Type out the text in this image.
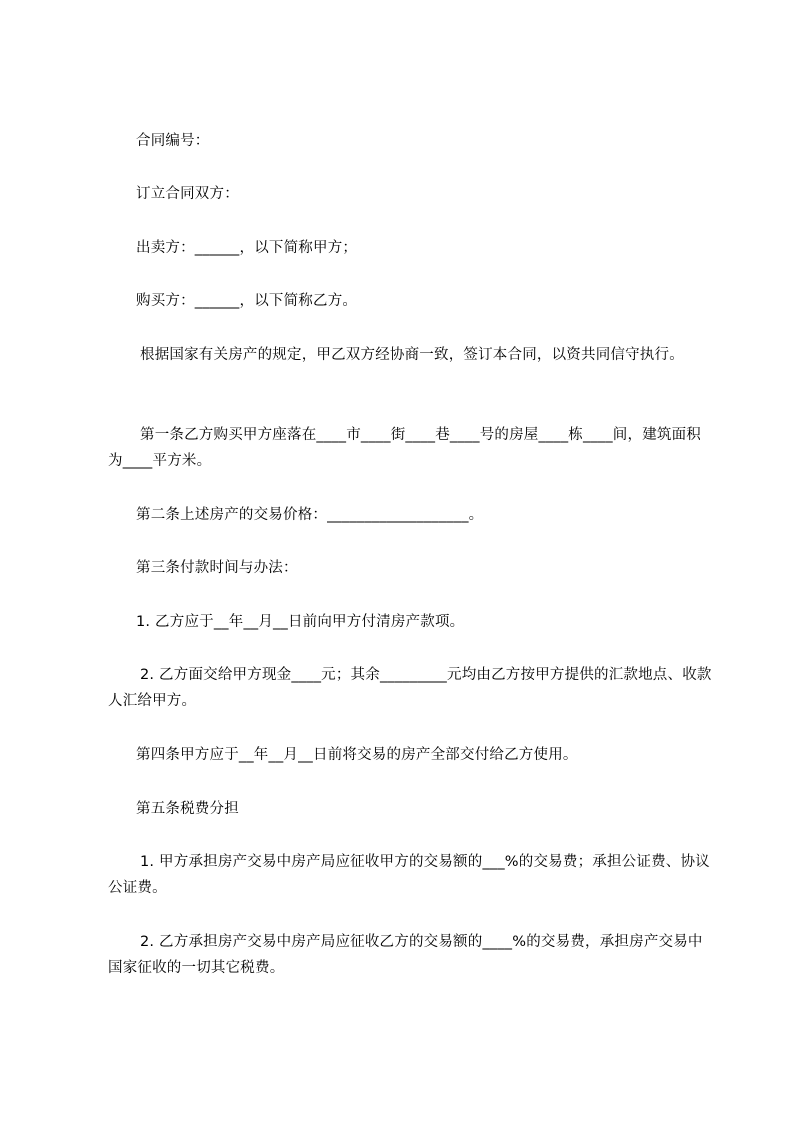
合同编号：

订立合同双方：

出卖方：______，以下简称甲方；

购买方：______，以下简称乙方。

根据国家有关房产的规定，甲乙双方经协商一致，签订本合同，以资共同信守执行。

第一条乙方购买甲方座落在____市____街____巷____号的房屋____栋____间，建筑面积为____平方米。

第二条上述房产的交易价格：___________________。

第三条付款时间与办法：

1. 乙方应于__年__月__日前向甲方付清房产款项。

2. 乙方面交给甲方现金____元；其余_________元均由乙方按甲方提供的汇款地点、收款人汇给甲方。

第四条甲方应于__年__月__日前将交易的房产全部交付给乙方使用。

第五条税费分担

1. 甲方承担房产交易中房产局应征收甲方的交易额的___%的交易费；承担公证费、协议公证费。

2. 乙方承担房产交易中房产局应征收乙方的交易额的____%的交易费，承担房产交易中国家征收的一切其它税费。
